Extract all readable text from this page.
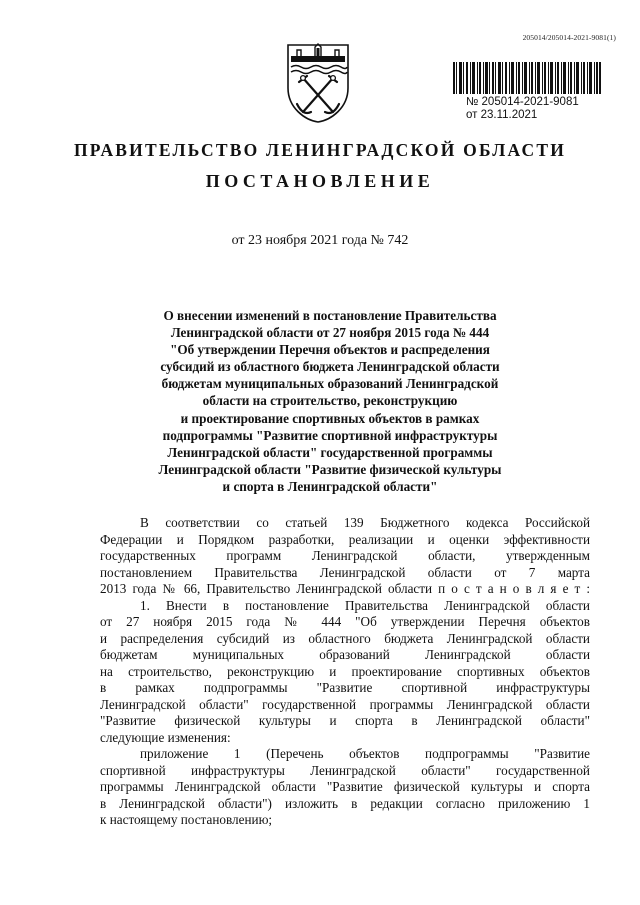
205014/205014-2021-9081(1)
№ 205014-2021-9081
от 23.11.2021
ПРАВИТЕЛЬСТВО ЛЕНИНГРАДСКОЙ ОБЛАСТИ
ПОСТАНОВЛЕНИЕ
от 23 ноября 2021 года № 742
О внесении изменений в постановление Правительства
Ленинградской области от 27 ноября 2015 года № 444
"Об утверждении Перечня объектов и распределения
субсидий из областного бюджета Ленинградской области
бюджетам муниципальных образований Ленинградской
области на строительство, реконструкцию
и проектирование спортивных объектов в рамках
подпрограммы "Развитие спортивной инфраструктуры
Ленинградской области" государственной программы
Ленинградской области "Развитие физической культуры
и спорта в Ленинградской области"
В соответствии со статьей 139 Бюджетного кодекса Российской
Федерации и Порядком разработки, реализации и оценки эффективности
государственных программ Ленинградской области, утвержденным
постановлением Правительства Ленинградской области от 7 марта
2013 года № 66, Правительство Ленинградской области п о с т а н о в л я е т :
1. Внести в постановление Правительства Ленинградской области
от 27 ноября 2015 года № 444 "Об утверждении Перечня объектов
и распределения субсидий из областного бюджета Ленинградской области
бюджетам муниципальных образований Ленинградской области
на строительство, реконструкцию и проектирование спортивных объектов
в рамках подпрограммы "Развитие спортивной инфраструктуры
Ленинградской области" государственной программы Ленинградской области
"Развитие физической культуры и спорта в Ленинградской области"
следующие изменения:
приложение 1 (Перечень объектов подпрограммы "Развитие
спортивной инфраструктуры Ленинградской области" государственной
программы Ленинградской области "Развитие физической культуры и спорта
в Ленинградской области") изложить в редакции согласно приложению 1
к настоящему постановлению;
